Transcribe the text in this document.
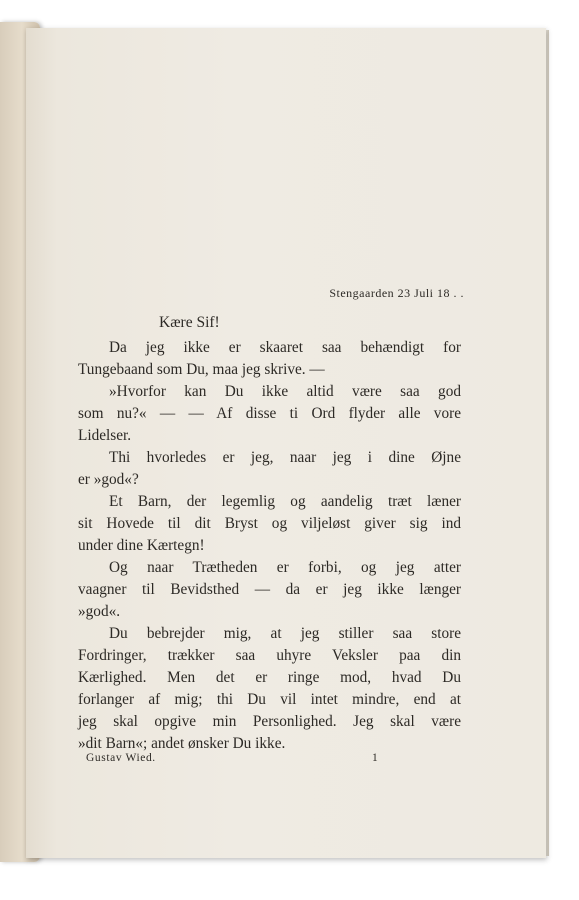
Stengaarden 23 Juli 18 . .
Kære Sif!
Da jeg ikke er skaaret saa behændigt for
Tungebaand som Du, maa jeg skrive. —
»Hvorfor kan Du ikke altid være saa god
som nu?« — — Af disse ti Ord flyder alle vore
Lidelser.
Thi hvorledes er jeg, naar jeg i dine Øjne
er »god«?
Et Barn, der legemlig og aandelig træt læner
sit Hovede til dit Bryst og viljeløst giver sig ind
under dine Kærtegn!
Og naar Trætheden er forbi, og jeg atter
vaagner til Bevidsthed — da er jeg ikke længer
»god«.
Du bebrejder mig, at jeg stiller saa store
Fordringer, trækker saa uhyre Veksler paa din
Kærlighed. Men det er ringe mod, hvad Du
forlanger af mig; thi Du vil intet mindre, end at
jeg skal opgive min Personlighed. Jeg skal være
»dit Barn«; andet ønsker Du ikke.
Gustav Wied.	1
